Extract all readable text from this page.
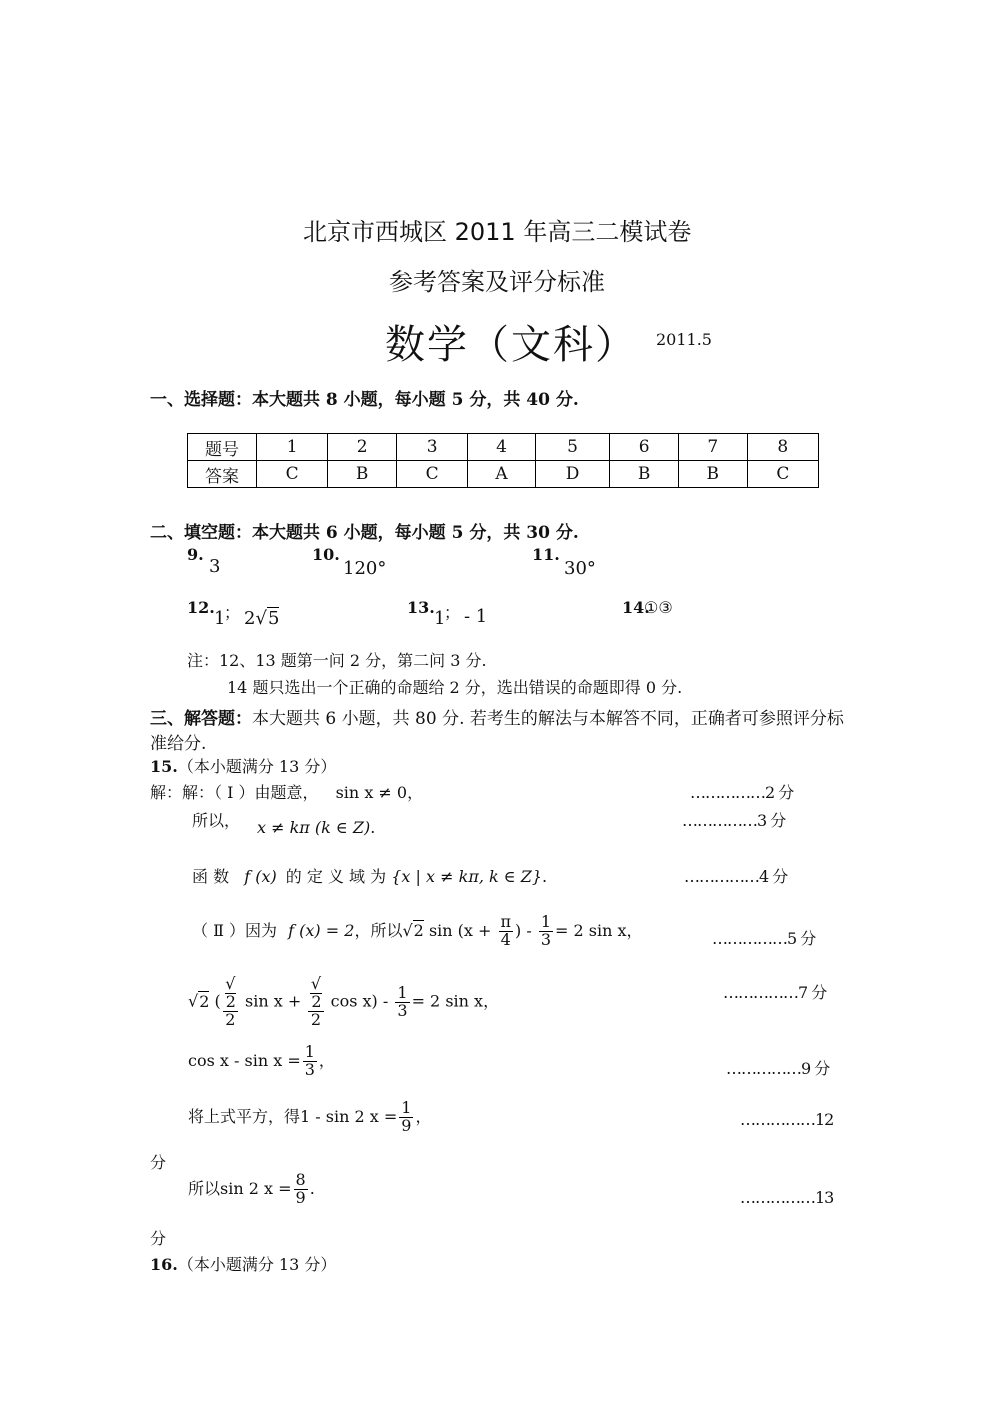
北京市西城区 2011 年高三二模试卷
参考答案及评分标准
数学（文科） 2011.5
一、选择题：本大题共 8 小题，每小题 5 分，共 40 分.
题号	1	2	3	4	5	6	7	8
答案	C	B	C	A	D	B	B	C
二、填空题：本大题共 6 小题，每小题 5 分，共 30 分.
9.
3
10.
120°
11.
30°
12.
1
； 2√5
13.
1
； - 1	14.
①③
注：12、13 题第一问 2 分，第二问 3 分.
14 题只选出一个正确的命题给 2 分，选出错误的命题即得 0 分.
三、解答题：本大题共 6 小题，共 80 分. 若考生的解法与本解答不同，正确者可参照评分标
准给分.
15.（本小题满分 13 分）
解：解：（ Ⅰ ）由题意， sin x ≠ 0，	……………2 分
所以， x ≠ kπ (k ∈ Z).	……………3 分
函 数 f (x) 的 定 义 域 为 {x | x ≠ kπ, k ∈ Z}.	……………4 分
（ Ⅱ ）因为 f (x) = 2，所以√2 $\sin (x + \frac{\pi}{4}$ ) - $\frac{1}{3} = 2$ sin x，	……………5 分
√2 ( √
2
2 sin x + √
2
2 $\cos x) - \frac{1}{3} = 2$ sin x，	……………7 分
$\cos x - \sin x = \frac{1}{3}$ ，	……………9 分
将上式平方，得1 - sin 2 $x = \frac{1}{9}$ ，	……………12
分
所以sin 2 $x = \frac{8}{9}$ .	……………13
分
16.（本小题满分 13 分）
